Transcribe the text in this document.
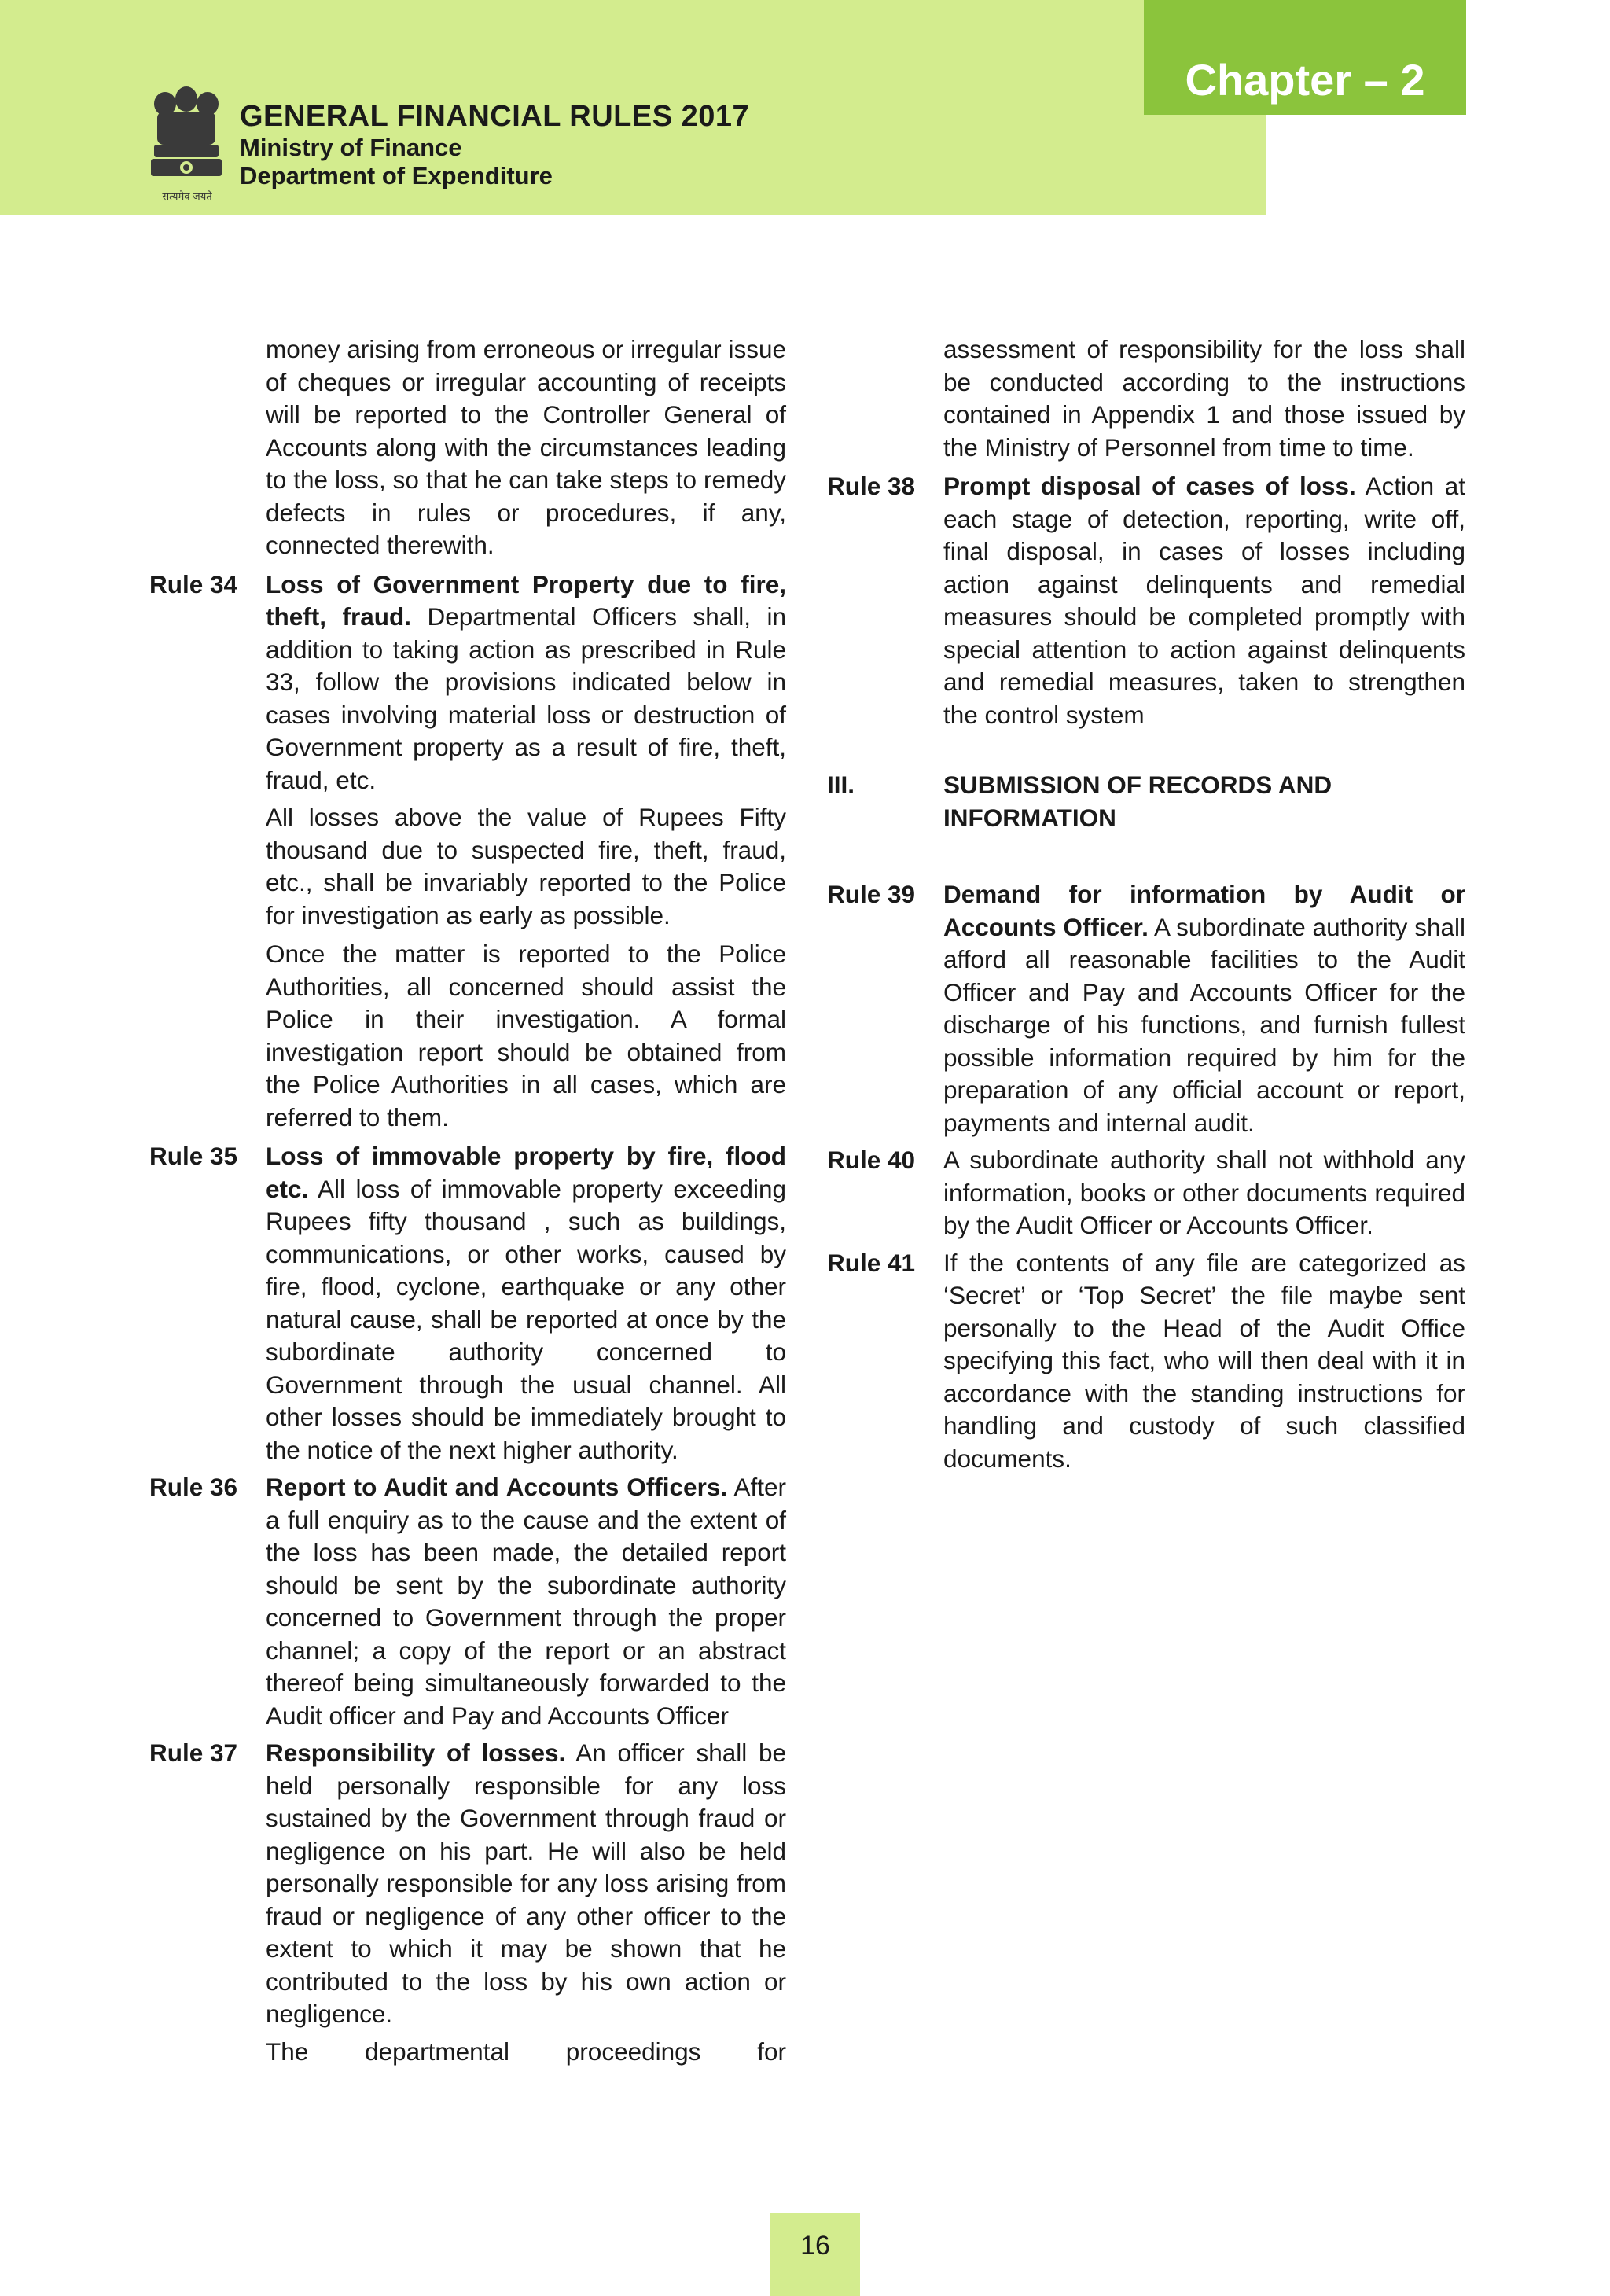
Chapter – 2
सत्यमेव जयते
GENERAL FINANCIAL RULES 2017
Ministry of Finance
Department of Expenditure

money arising from erroneous or irregular issue of cheques or irregular accounting of receipts will be reported to the Controller General of Accounts along with the circumstances leading to the loss, so that he can take steps to remedy defects in rules or procedures, if any, connected therewith.

Rule 34 Loss of Government Property due to fire, theft, fraud. Departmental Officers shall, in addition to taking action as prescribed in Rule 33, follow the provisions indicated below in cases involving material loss or destruction of Government property as a result of fire, theft, fraud, etc.

All losses above the value of Rupees Fifty thousand due to suspected fire, theft, fraud, etc., shall be invariably reported to the Police for investigation as early as possible.

Once the matter is reported to the Police Authorities, all concerned should assist the Police in their investigation. A formal investigation report should be obtained from the Police Authorities in all cases, which are referred to them.

Rule 35 Loss of immovable property by fire, flood etc. All loss of immovable property exceeding Rupees fifty thousand , such as buildings, communications, or other works, caused by fire, flood, cyclone, earthquake or any other natural cause, shall be reported at once by the subordinate authority concerned to Government through the usual channel. All other losses should be immediately brought to the notice of the next higher authority.

Rule 36 Report to Audit and Accounts Officers. After a full enquiry as to the cause and the extent of the loss has been made, the detailed report should be sent by the subordinate authority concerned to Government through the proper channel; a copy of the report or an abstract thereof being simultaneously forwarded to the Audit officer and Pay and Accounts Officer

Rule 37 Responsibility of losses. An officer shall be held personally responsible for any loss sustained by the Government through fraud or negligence on his part. He will also be held personally responsible for any loss arising from fraud or negligence of any other officer to the extent to which it may be shown that he contributed to the loss by his own action or negligence.

The departmental proceedings for

assessment of responsibility for the loss shall be conducted according to the instructions contained in Appendix 1 and those issued by the Ministry of Personnel from time to time.

Rule 38 Prompt disposal of cases of loss. Action at each stage of detection, reporting, write off, final disposal, in cases of losses including action against delinquents and remedial measures should be completed promptly with special attention to action against delinquents and remedial measures, taken to strengthen the control system

III.	SUBMISSION OF RECORDS AND INFORMATION
Rule 39 Demand for information by Audit or Accounts Officer. A subordinate authority shall afford all reasonable facilities to the Audit Officer and Pay and Accounts Officer for the discharge of his functions, and furnish fullest possible information required by him for the preparation of any official account or report, payments and internal audit.

Rule 40 A subordinate authority shall not withhold any information, books or other documents required by the Audit Officer or Accounts Officer.

Rule 41 If the contents of any file are categorized as ‘Secret’ or ‘Top Secret’ the file maybe sent personally to the Head of the Audit Office specifying this fact, who will then deal with it in accordance with the standing instructions for handling and custody of such classified documents.

16
